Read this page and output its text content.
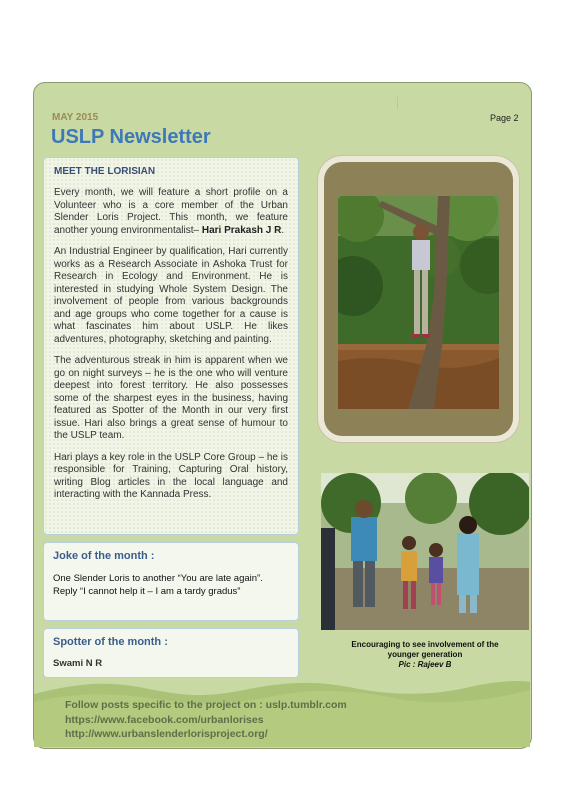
MAY 2015	Page 2
USLP Newsletter

MEET THE LORISIAN

Every month, we will feature a short profile on a Volunteer who is a core member of the Urban Slender Loris Project. This month, we feature another young environmentalist– Hari Prakash J R.

An Industrial Engineer by qualification, Hari currently works as a Research Associate in Ashoka Trust for Research in Ecology and Environment. He is interested in studying Whole System Design. The involvement of people from various backgrounds and age groups who come together for a cause is what fascinates him about USLP. He likes adventures, photography, sketching and painting.

The adventurous streak in him is apparent when we go on night surveys – he is the one who will venture deepest into forest territory. He also possesses some of the sharpest eyes in the business, having featured as Spotter of the Month in our very first issue. Hari also brings a great sense of humour to the USLP team.

Hari plays a key role in the USLP Core Group – he is responsible for Training, Capturing Oral history, writing Blog articles in the local language and interacting with the Kannada Press.

Joke of the month :

One Slender Loris to another “You are late again”.
Reply “I cannot help it – I am a tardy gradus”

Spotter of the month :

Swami N R

Encouraging to see involvement of the
younger generation
Pic : Rajeev B
Follow posts specific to the project on : uslp.tumblr.com
https://www.facebook.com/urbanlorises
http://www.urbanslenderlorisproject.org/
